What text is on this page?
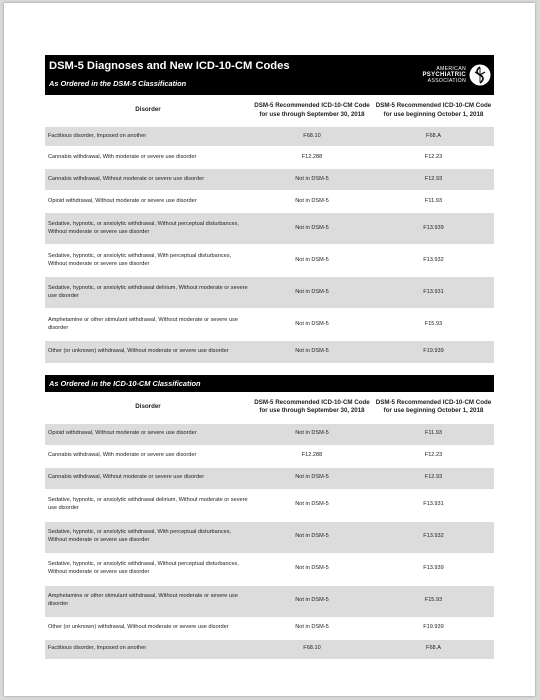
DSM-5 Diagnoses and New ICD-10-CM Codes
As Ordered in the DSM-5 Classification
AMERICAN
PSYCHIATRIC
ASSOCIATION
Disorder	DSM-5 Recommended ICD-10-CM Code for use through September 30, 2018	DSM-5 Recommended ICD-10-CM Code for use beginning October 1, 2018
Factitious disorder, Imposed on another	F68.10	F68.A
Cannabis withdrawal, With moderate or severe use disorder	F12.288	F12.23
Cannabis withdrawal, Without moderate or severe use disorder	Not in DSM-5	F12.93
Opioid withdrawal, Without moderate or severe use disorder	Not in DSM-5	F11.93
Sedative, hypnotic, or anxiolytic withdrawal, Without perceptual disturbances, Without moderate or severe use disorder	Not in DSM-5	F13.939
Sedative, hypnotic, or anxiolytic withdrawal, With perceptual disturbances, Without moderate or severe use disorder	Not in DSM-5	F13.932
Sedative, hypnotic, or anxiolytic withdrawal delirium, Without moderate or severe use disorder	Not in DSM-5	F13.931
Amphetamine or other stimulant withdrawal, Without moderate or severe use disorder	Not in DSM-5	F15.93
Other (or unknown) withdrawal, Without moderate or severe use disorder	Not in DSM-5	F19.939
As Ordered in the ICD-10-CM Classification
Disorder	DSM-5 Recommended ICD-10-CM Code for use through September 30, 2018	DSM-5 Recommended ICD-10-CM Code for use beginning October 1, 2018
Opioid withdrawal, Without moderate or severe use disorder	Not in DSM-5	F11.93
Cannabis withdrawal, With moderate or severe use disorder	F12.288	F12.23
Cannabis withdrawal, Without moderate or severe use disorder	Not in DSM-5	F12.93
Sedative, hypnotic, or anxiolytic withdrawal delirium, Without moderate or severe use disorder	Not in DSM-5	F13.931
Sedative, hypnotic, or anxiolytic withdrawal, With perceptual disturbances, Without moderate or severe use disorder	Not in DSM-5	F13.932
Sedative, hypnotic, or anxiolytic withdrawal, Without perceptual disturbances, Without moderate or severe use disorder	Not in DSM-5	F13.939
Amphetamine or other stimulant withdrawal, Without moderate or severe use disorder	Not in DSM-5	F15.93
Other (or unknown) withdrawal, Without moderate or severe use disorder	Not in DSM-5	F19.939
Factitious disorder, Imposed on another	F68.10	F68.A
